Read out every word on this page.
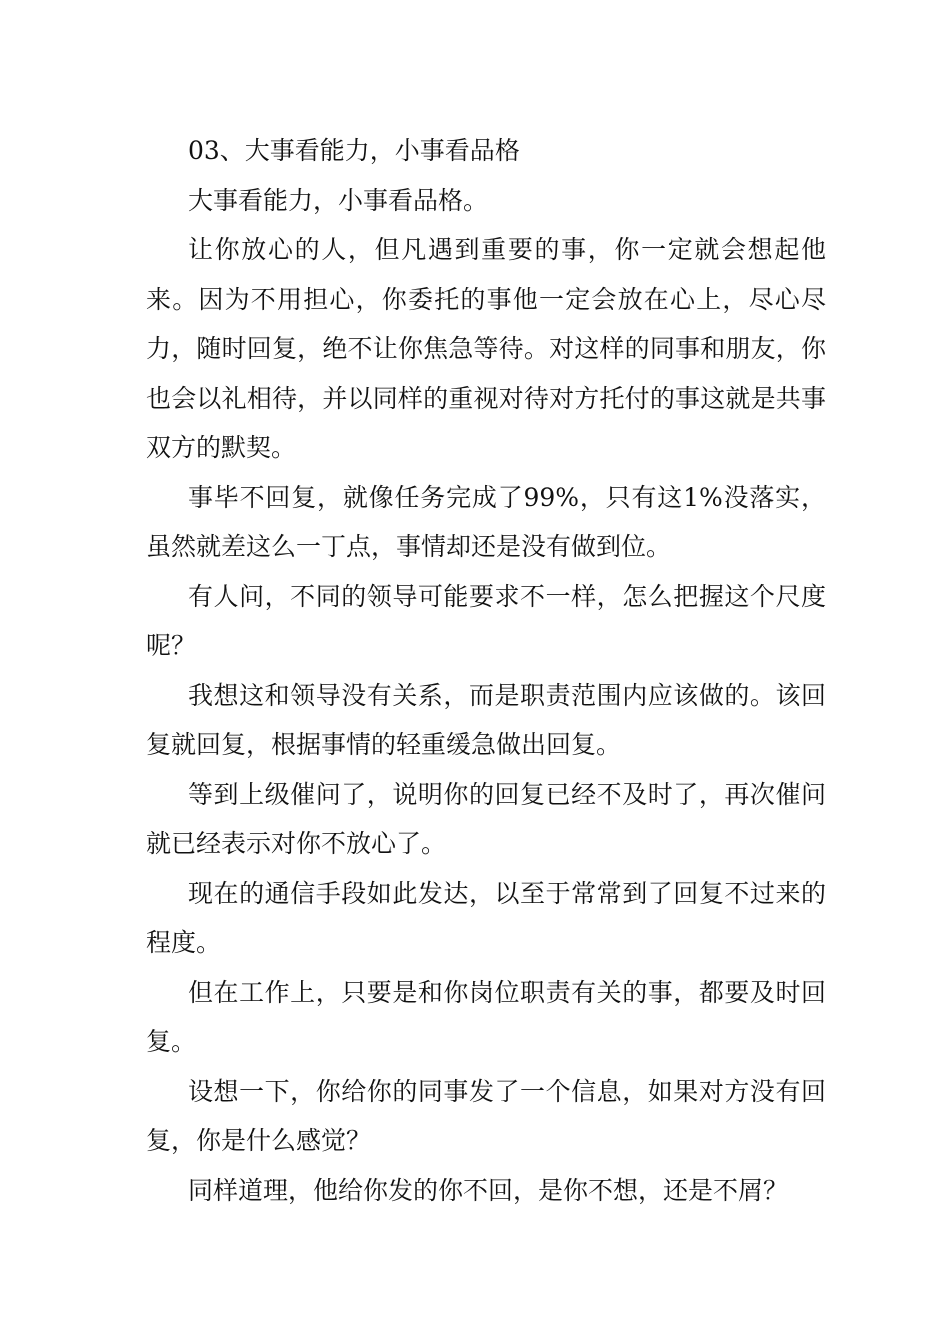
03、大事看能力，小事看品格

大事看能力，小事看品格。

让你放心的人，但凡遇到重要的事，你一定就会想起他来。因为不用担心，你委托的事他一定会放在心上，尽心尽力，随时回复，绝不让你焦急等待。对这样的同事和朋友，你也会以礼相待，并以同样的重视对待对方托付的事这就是共事双方的默契。

事毕不回复，就像任务完成了99%，只有这1%没落实，虽然就差这么一丁点，事情却还是没有做到位。

有人问，不同的领导可能要求不一样，怎么把握这个尺度呢？

我想这和领导没有关系，而是职责范围内应该做的。该回复就回复，根据事情的轻重缓急做出回复。

等到上级催问了，说明你的回复已经不及时了，再次催问就已经表示对你不放心了。

现在的通信手段如此发达，以至于常常到了回复不过来的程度。

但在工作上，只要是和你岗位职责有关的事，都要及时回复。

设想一下，你给你的同事发了一个信息，如果对方没有回复，你是什么感觉？

同样道理，他给你发的你不回，是你不想，还是不屑？
